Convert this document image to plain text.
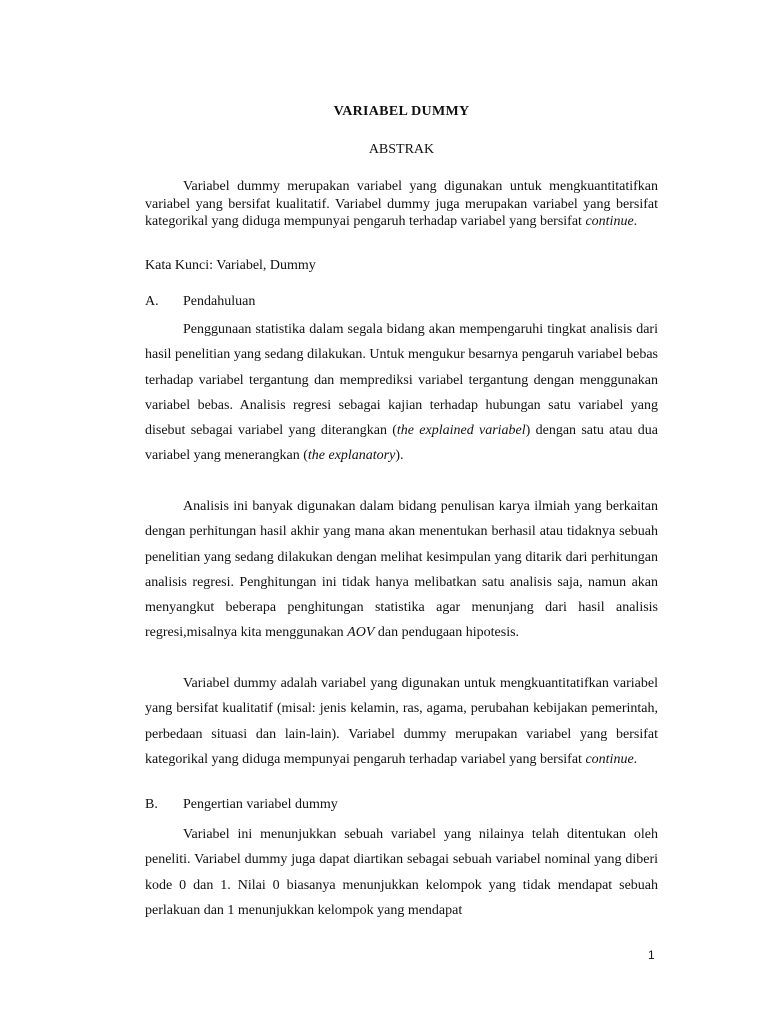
VARIABEL DUMMY
ABSTRAK

Variabel dummy merupakan variabel yang digunakan untuk mengkuantitatifkan variabel yang bersifat kualitatif. Variabel dummy juga merupakan variabel yang bersifat kategorikal yang diduga mempunyai pengaruh terhadap variabel yang bersifat continue.

Kata Kunci: Variabel, Dummy
A. Pendahuluan

Penggunaan statistika dalam segala bidang akan mempengaruhi tingkat analisis dari hasil penelitian yang sedang dilakukan. Untuk mengukur besarnya pengaruh variabel bebas terhadap variabel tergantung dan memprediksi variabel tergantung dengan menggunakan variabel bebas. Analisis regresi sebagai kajian terhadap hubungan satu variabel yang disebut sebagai variabel yang diterangkan (the explained variabel) dengan satu atau dua variabel yang menerangkan (the explanatory).

Analisis ini banyak digunakan dalam bidang penulisan karya ilmiah yang berkaitan dengan perhitungan hasil akhir yang mana akan menentukan berhasil atau tidaknya sebuah penelitian yang sedang dilakukan dengan melihat kesimpulan yang ditarik dari perhitungan analisis regresi. Penghitungan ini tidak hanya melibatkan satu analisis saja, namun akan menyangkut beberapa penghitungan statistika agar menunjang dari hasil analisis regresi,misalnya kita menggunakan AOV dan pendugaan hipotesis.

Variabel dummy adalah variabel yang digunakan untuk mengkuantitatifkan variabel yang bersifat kualitatif (misal: jenis kelamin, ras, agama, perubahan kebijakan pemerintah, perbedaan situasi dan lain-lain). Variabel dummy merupakan variabel yang bersifat kategorikal yang diduga mempunyai pengaruh terhadap variabel yang bersifat continue.

B. Pengertian variabel dummy

Variabel ini menunjukkan sebuah variabel yang nilainya telah ditentukan oleh peneliti. Variabel dummy juga dapat diartikan sebagai sebuah variabel nominal yang diberi kode 0 dan 1. Nilai 0 biasanya menunjukkan kelompok yang tidak mendapat sebuah perlakuan dan 1 menunjukkan kelompok yang mendapat

1
